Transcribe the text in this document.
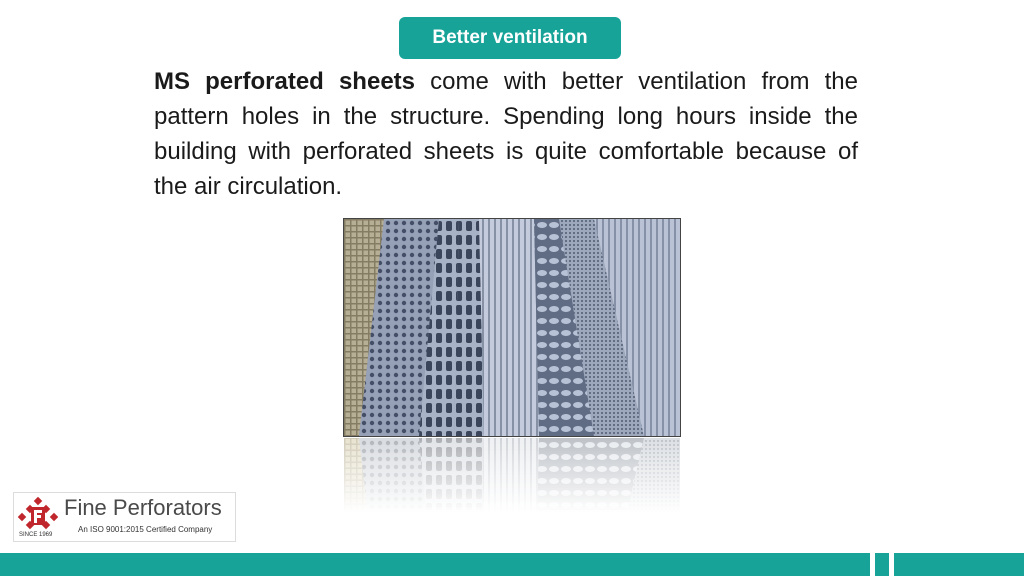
Better ventilation
MS perforated sheets come with better ventilation from the pattern holes in the structure. Spending long hours inside the building with perforated sheets is quite comfortable because of the air circulation.
Fine Perforators
An ISO 9001:2015 Certified Company
SINCE 1969
